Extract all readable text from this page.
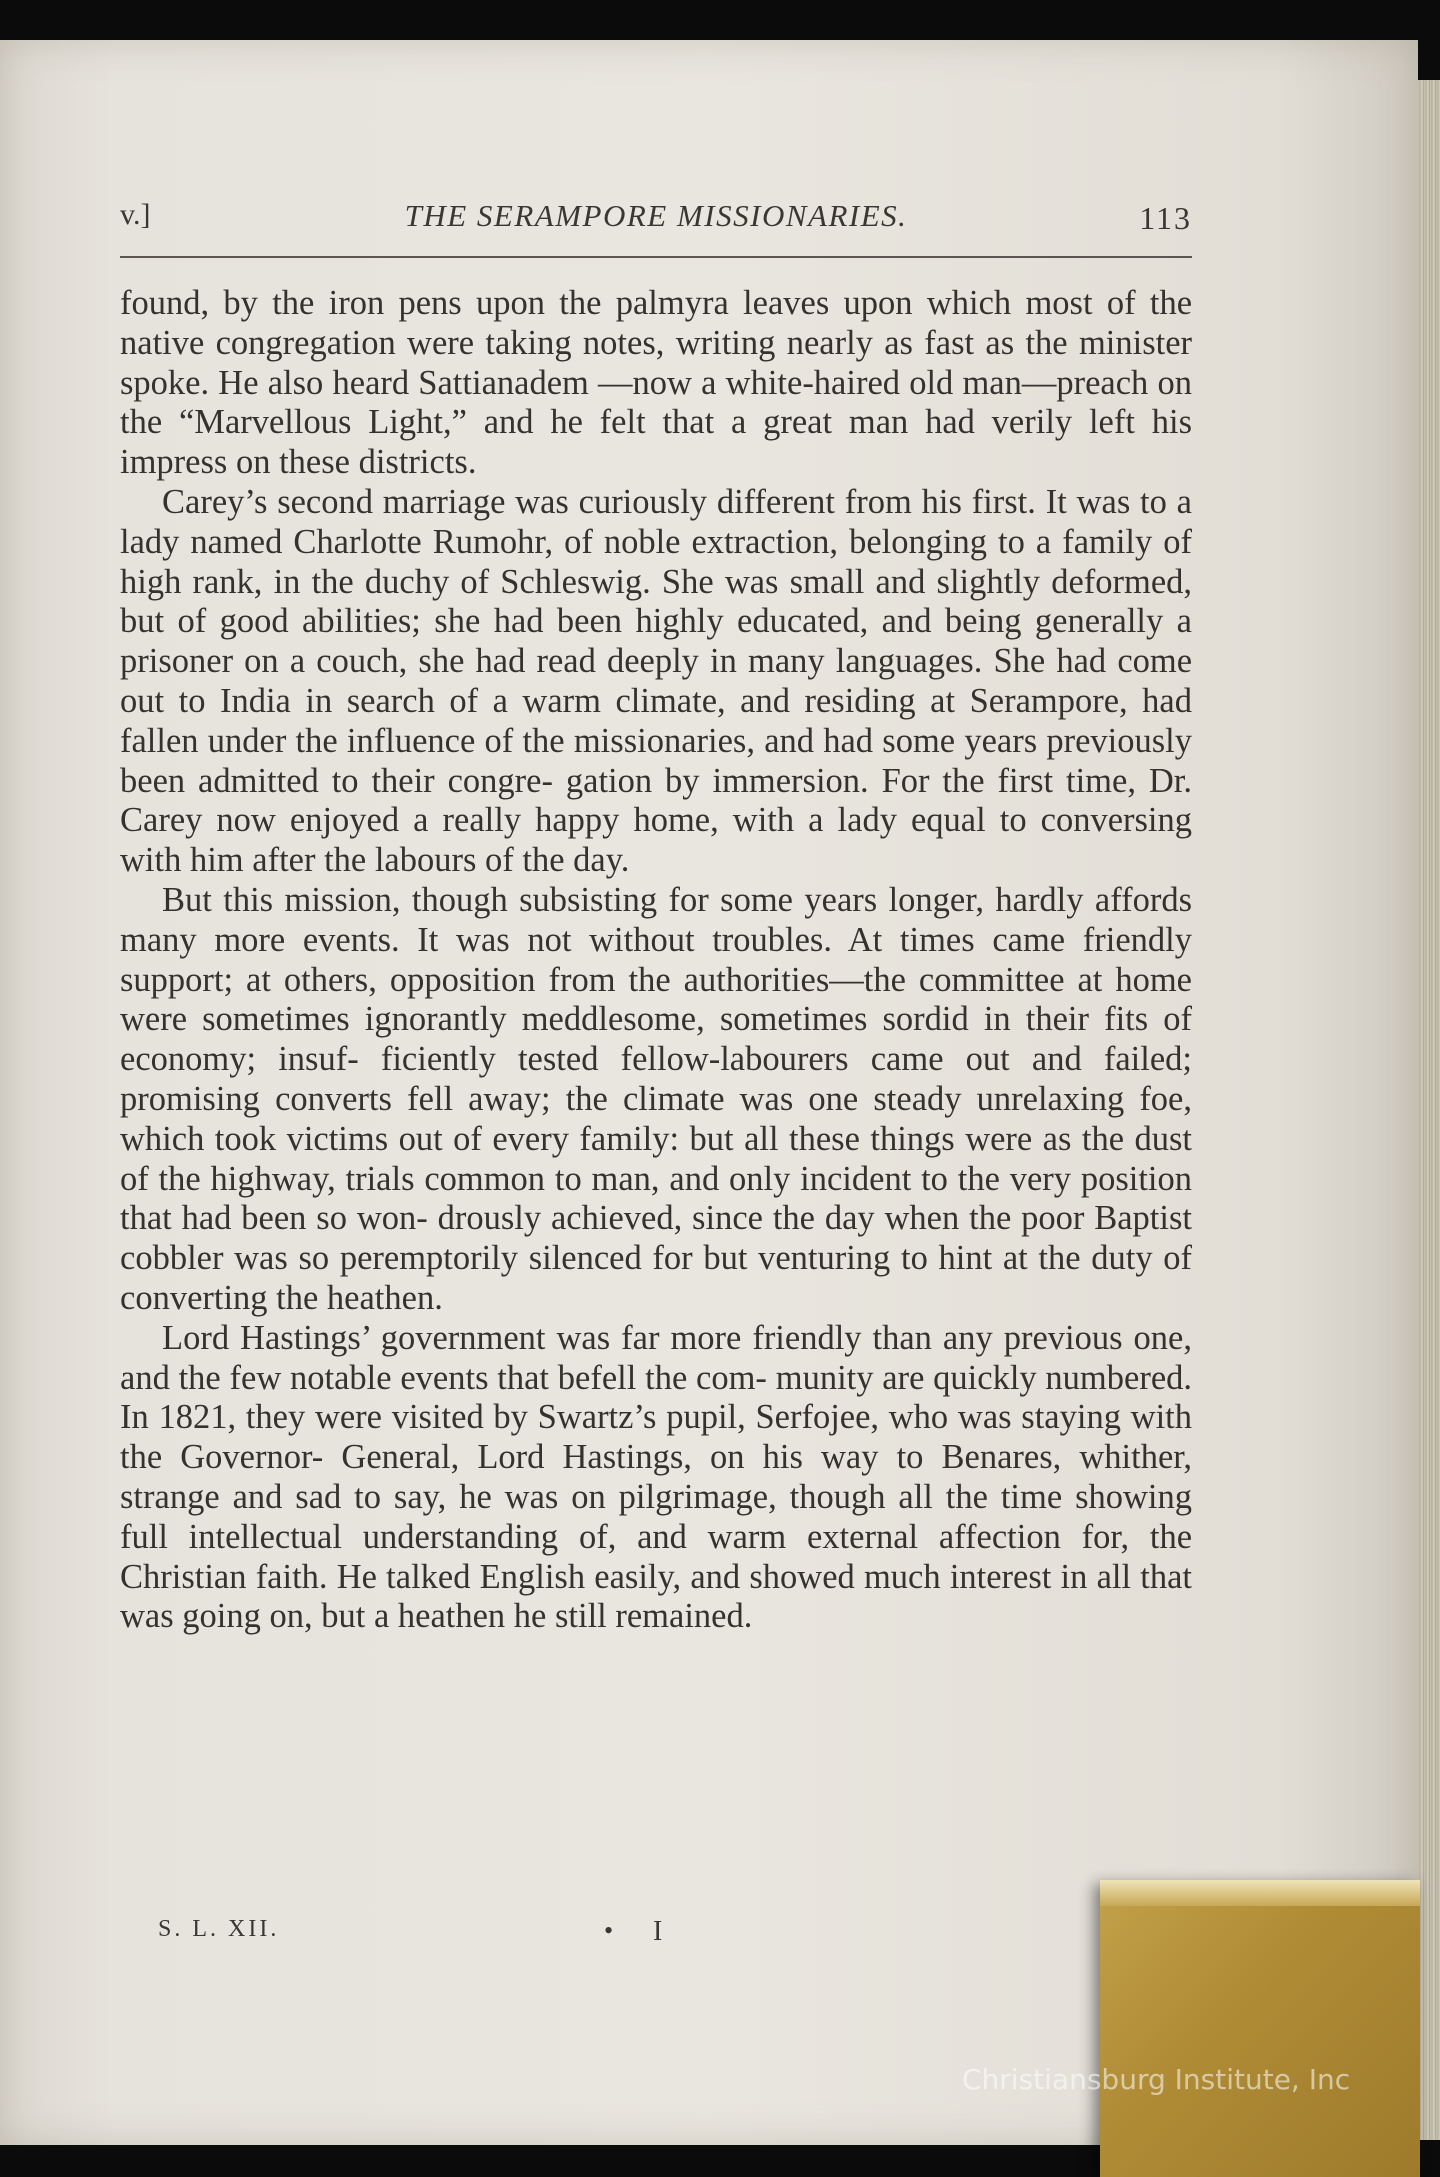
v.]	THE SERAMPORE MISSIONARIES.	113

found, by the iron pens upon the palmyra leaves upon which most of the native congregation were taking notes, writing nearly as fast as the minister spoke. He also heard Sattianadem —now a white-haired old man—preach on the “Marvellous Light,” and he felt that a great man had verily left his impress on these districts.

Carey’s second marriage was curiously different from his first. It was to a lady named Charlotte Rumohr, of noble extraction, belonging to a family of high rank, in the duchy of Schleswig. She was small and slightly deformed, but of good abilities; she had been highly educated, and being generally a prisoner on a couch, she had read deeply in many languages. She had come out to India in search of a warm climate, and residing at Serampore, had fallen under the influence of the missionaries, and had some years previously been admitted to their congre- gation by immersion. For the first time, Dr. Carey now enjoyed a really happy home, with a lady equal to conversing with him after the labours of the day.

But this mission, though subsisting for some years longer, hardly affords many more events. It was not without troubles. At times came friendly support; at others, opposition from the authorities—the committee at home were sometimes ignorantly meddlesome, sometimes sordid in their fits of economy; insuf- ficiently tested fellow-labourers came out and failed; promising converts fell away; the climate was one steady unrelaxing foe, which took victims out of every family: but all these things were as the dust of the highway, trials common to man, and only incident to the very position that had been so won- drously achieved, since the day when the poor Baptist cobbler was so peremptorily silenced for but venturing to hint at the duty of converting the heathen.

Lord Hastings’ government was far more friendly than any previous one, and the few notable events that befell the com- munity are quickly numbered. In 1821, they were visited by Swartz’s pupil, Serfojee, who was staying with the Governor- General, Lord Hastings, on his way to Benares, whither, strange and sad to say, he was on pilgrimage, though all the time showing full intellectual understanding of, and warm external affection for, the Christian faith. He talked English easily, and showed much interest in all that was going on, but a heathen he still remained.

S. L. XII.	• I
Christiansburg Institute, Inc
